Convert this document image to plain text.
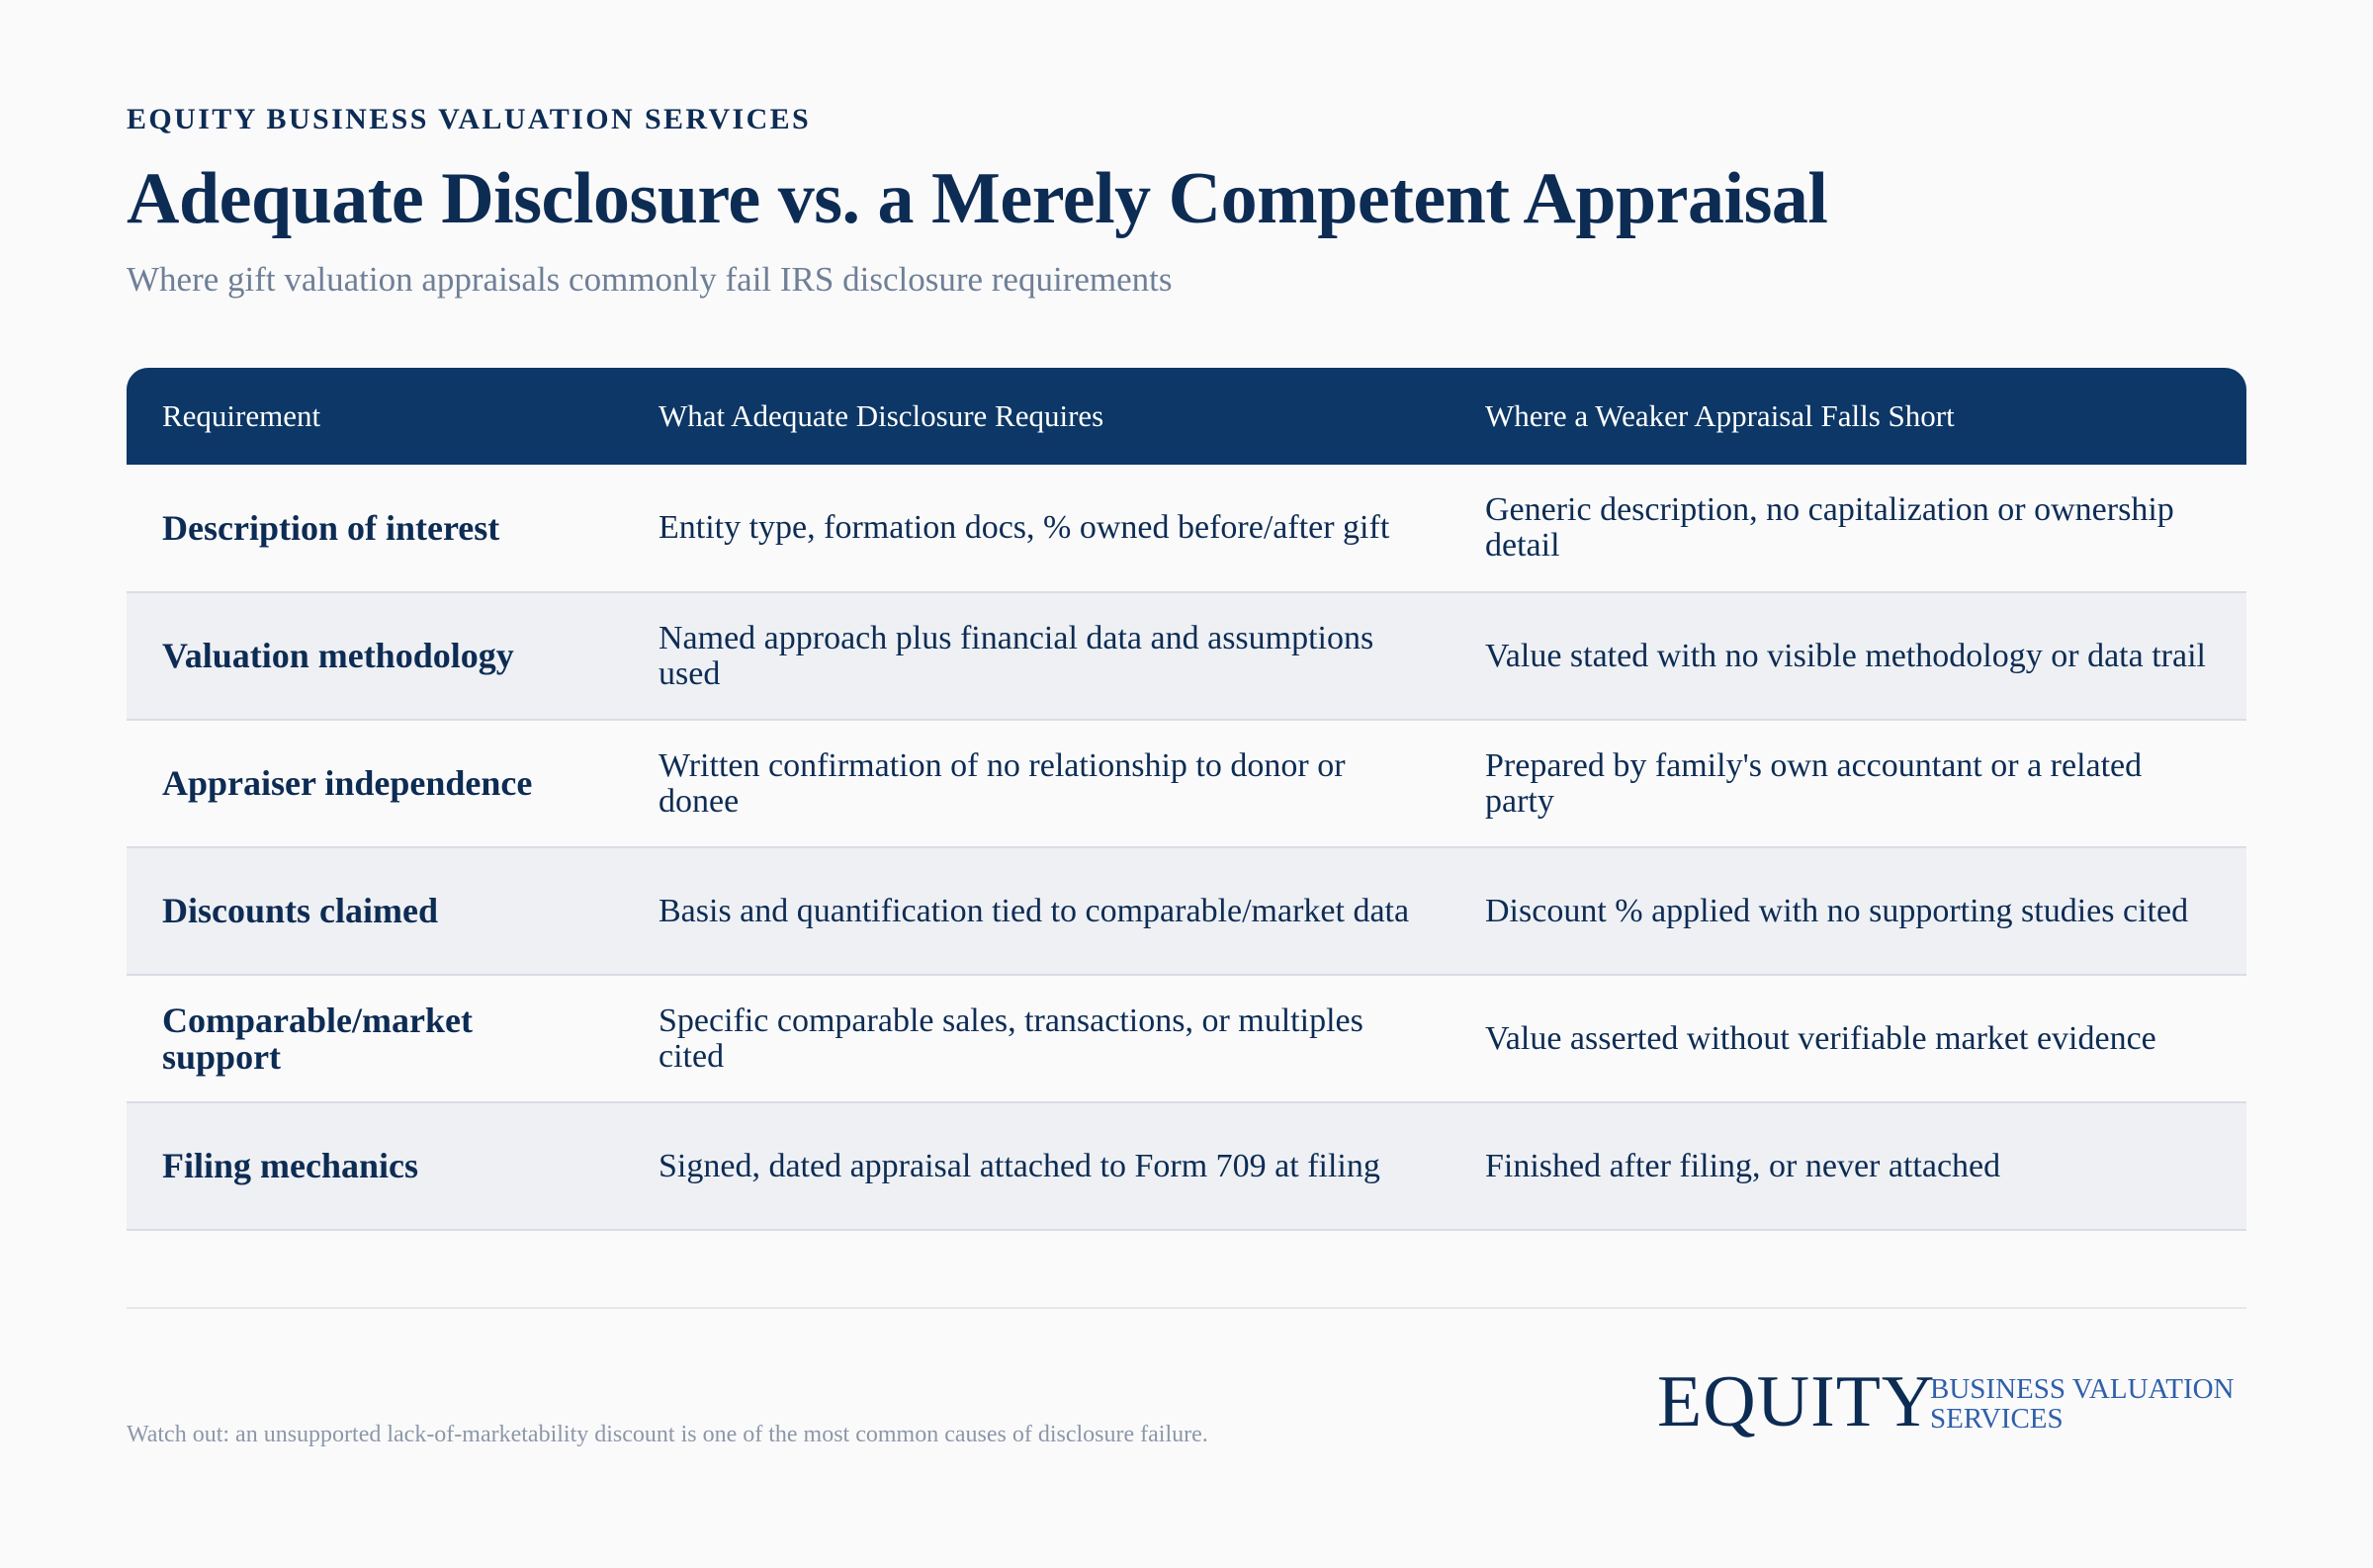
EQUITY BUSINESS VALUATION SERVICES
Adequate Disclosure vs. a Merely Competent Appraisal
Where gift valuation appraisals commonly fail IRS disclosure requirements
Requirement	What Adequate Disclosure Requires	Where a Weaker Appraisal Falls Short
Description of interest	Entity type, formation docs, % owned before/after gift	Generic description, no capitalization or ownership detail
Valuation methodology	Named approach plus financial data and assumptions used	Value stated with no visible methodology or data trail
Appraiser independence	Written confirmation of no relationship to donor or donee	Prepared by family's own accountant or a related party
Discounts claimed	Basis and quantification tied to comparable/market data	Discount % applied with no supporting studies cited
Comparable/market support	Specific comparable sales, transactions, or multiples cited	Value asserted without verifiable market evidence
Filing mechanics	Signed, dated appraisal attached to Form 709 at filing	Finished after filing, or never attached
Watch out: an unsupported lack-of-marketability discount is one of the most common causes of disclosure failure.	EQUITY
BUSINESS VALUATION
SERVICES
